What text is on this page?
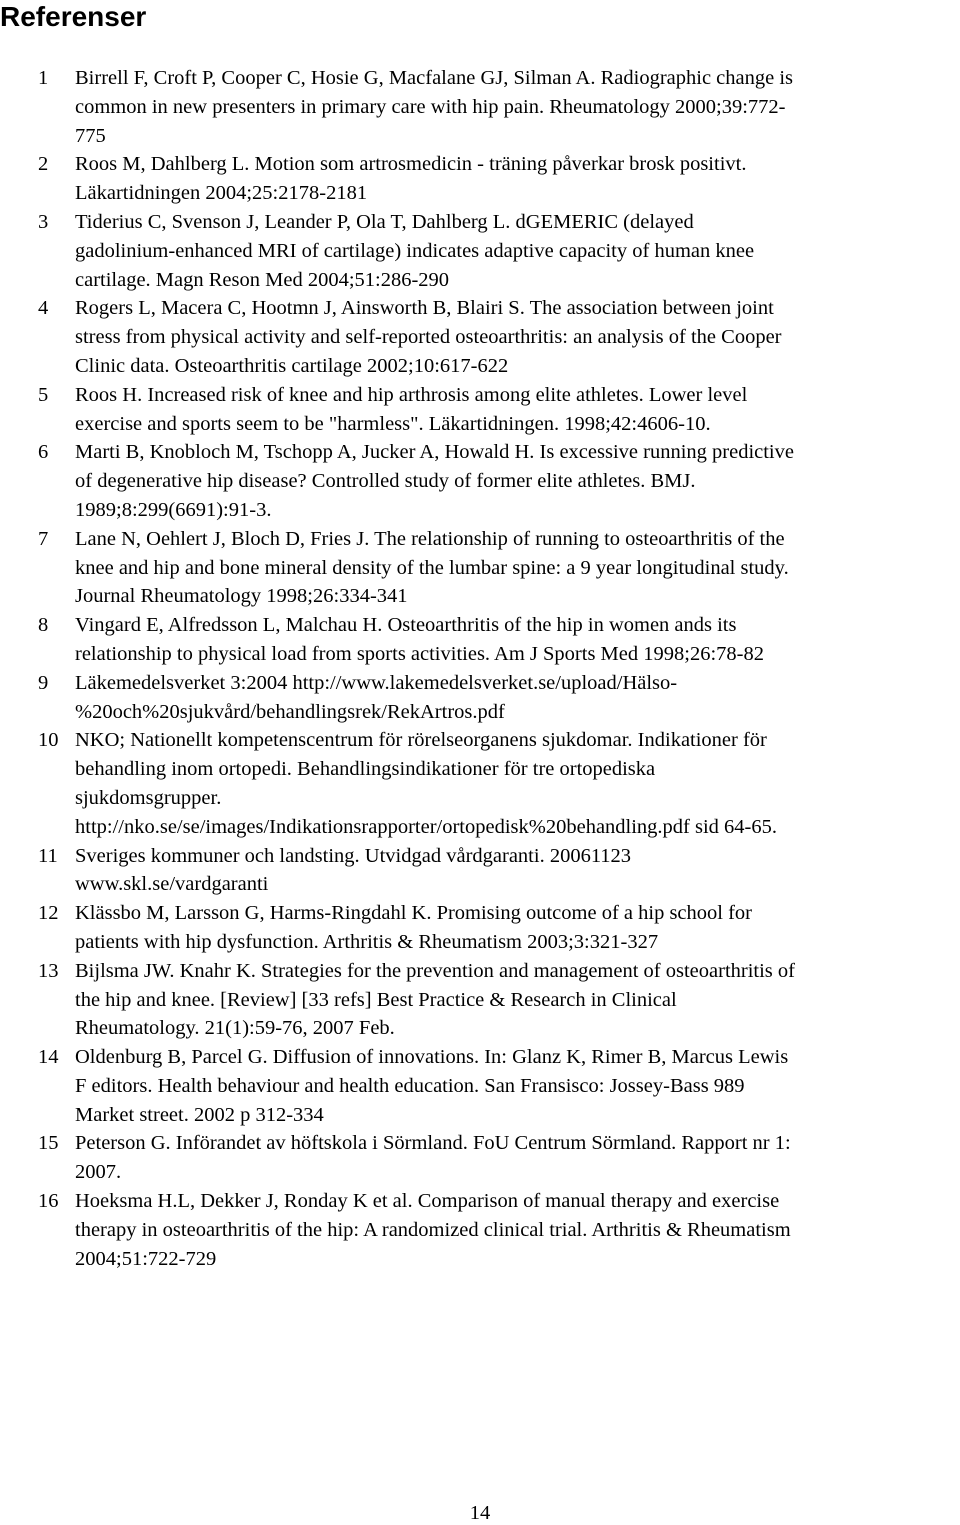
Referenser
1	Birrell F, Croft P, Cooper C, Hosie G, Macfalane GJ, Silman A. Radiographic change is
common in new presenters in primary care with hip pain. Rheumatology 2000;39:772-
775
2	Roos M, Dahlberg L. Motion som artrosmedicin - träning påverkar brosk positivt.
Läkartidningen 2004;25:2178-2181
3	Tiderius C, Svenson J, Leander P, Ola T, Dahlberg L. dGEMERIC (delayed
gadolinium-enhanced MRI of cartilage) indicates adaptive capacity of human knee
cartilage. Magn Reson Med 2004;51:286-290
4	Rogers L, Macera C, Hootmn J, Ainsworth B, Blairi S. The association between joint
stress from physical activity and self-reported osteoarthritis: an analysis of the Cooper
Clinic data. Osteoarthritis cartilage 2002;10:617-622
5	Roos H. Increased risk of knee and hip arthrosis among elite athletes. Lower level
exercise and sports seem to be "harmless". Läkartidningen. 1998;42:4606-10.
6	Marti B, Knobloch M, Tschopp A, Jucker A, Howald H. Is excessive running predictive
of degenerative hip disease? Controlled study of former elite athletes. BMJ.
1989;8:299(6691):91-3.
7	Lane N, Oehlert J, Bloch D, Fries J. The relationship of running to osteoarthritis of the
knee and hip and bone mineral density of the lumbar spine: a 9 year longitudinal study.
Journal Rheumatology 1998;26:334-341
8	Vingard E, Alfredsson L, Malchau H. Osteoarthritis of the hip in women ands its
relationship to physical load from sports activities. Am J Sports Med 1998;26:78-82
9	Läkemedelsverket 3:2004 http://www.lakemedelsverket.se/upload/Hälso-
%20och%20sjukvård/behandlingsrek/RekArtros.pdf
10 NKO; Nationellt kompetenscentrum för rörelseorganens sjukdomar. Indikationer för
behandling inom ortopedi. Behandlingsindikationer för tre ortopediska
sjukdomsgrupper.
http://nko.se/se/images/Indikationsrapporter/ortopedisk%20behandling.pdf sid 64-65.
11 Sveriges kommuner och landsting. Utvidgad vårdgaranti. 20061123
www.skl.se/vardgaranti
12 Klässbo M, Larsson G, Harms-Ringdahl K. Promising outcome of a hip school for
patients with hip dysfunction. Arthritis & Rheumatism 2003;3:321-327
13 Bijlsma JW. Knahr K. Strategies for the prevention and management of osteoarthritis of
the hip and knee. [Review] [33 refs] Best Practice & Research in Clinical
Rheumatology. 21(1):59-76, 2007 Feb.
14 Oldenburg B, Parcel G. Diffusion of innovations. In: Glanz K, Rimer B, Marcus Lewis
F editors. Health behaviour and health education. San Fransisco: Jossey-Bass 989
Market street. 2002 p 312-334
15 Peterson G. Införandet av höftskola i Sörmland. FoU Centrum Sörmland. Rapport nr 1:
2007.
16 Hoeksma H.L, Dekker J, Ronday K et al. Comparison of manual therapy and exercise
therapy in osteoarthritis of the hip: A randomized clinical trial. Arthritis & Rheumatism
2004;51:722-729
14
